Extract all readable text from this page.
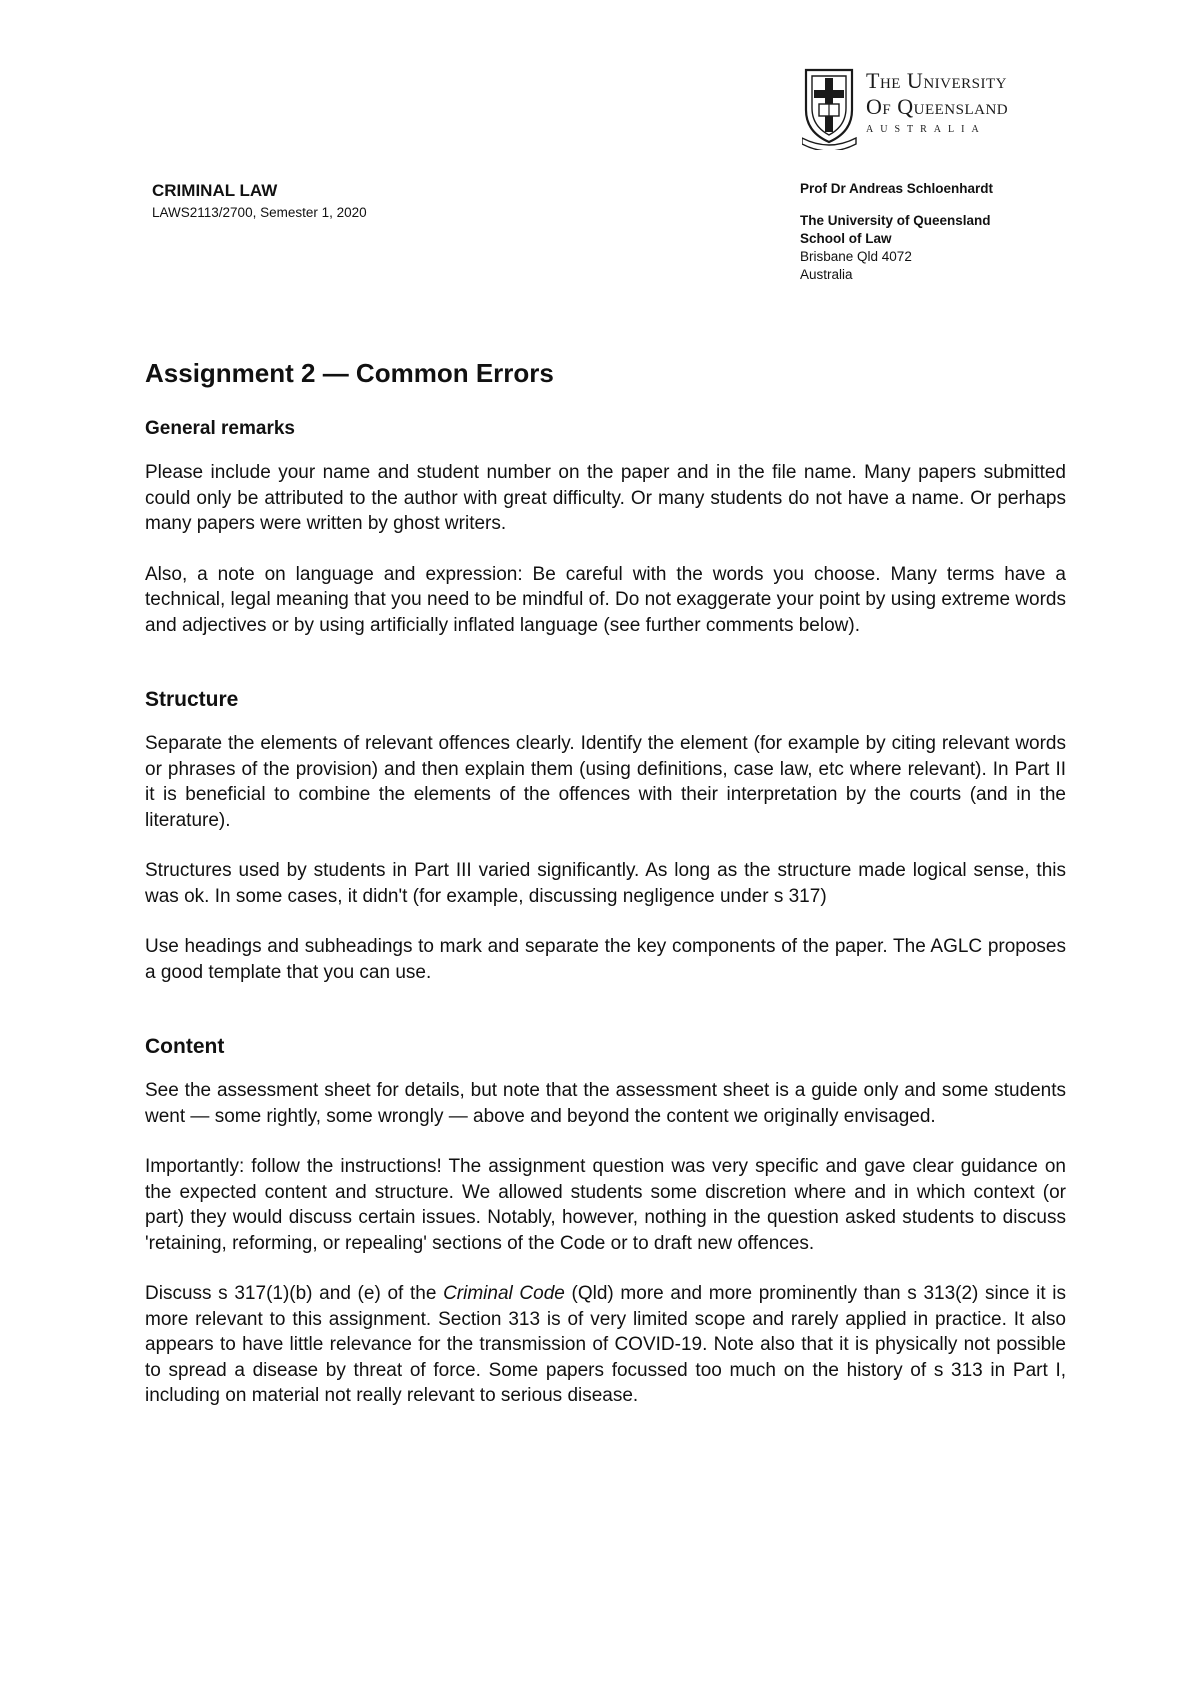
The University
Of Queensland
AUSTRALIA
CRIMINAL LAW
LAWS2113/2700, Semester 1, 2020
Prof Dr Andreas Schloenhardt
The University of Queensland
School of Law
Brisbane Qld 4072
Australia
Assignment 2 — Common Errors
General remarks

Please include your name and student number on the paper and in the file name. Many papers submitted could only be attributed to the author with great difficulty. Or many students do not have a name. Or perhaps many papers were written by ghost writers.

Also, a note on language and expression: Be careful with the words you choose. Many terms have a technical, legal meaning that you need to be mindful of. Do not exaggerate your point by using extreme words and adjectives or by using artificially inflated language (see further comments below).

Structure

Separate the elements of relevant offences clearly. Identify the element (for example by citing relevant words or phrases of the provision) and then explain them (using definitions, case law, etc where relevant). In Part II it is beneficial to combine the elements of the offences with their interpretation by the courts (and in the literature).

Structures used by students in Part III varied significantly. As long as the structure made logical sense, this was ok. In some cases, it didn't (for example, discussing negligence under s 317)

Use headings and subheadings to mark and separate the key components of the paper. The AGLC proposes a good template that you can use.

Content

See the assessment sheet for details, but note that the assessment sheet is a guide only and some students went — some rightly, some wrongly — above and beyond the content we originally envisaged.

Importantly: follow the instructions! The assignment question was very specific and gave clear guidance on the expected content and structure. We allowed students some discretion where and in which context (or part) they would discuss certain issues. Notably, however, nothing in the question asked students to discuss 'retaining, reforming, or repealing' sections of the Code or to draft new offences.

Discuss s 317(1)(b) and (e) of the Criminal Code (Qld) more and more prominently than s 313(2) since it is more relevant to this assignment. Section 313 is of very limited scope and rarely applied in practice. It also appears to have little relevance for the transmission of COVID-19. Note also that it is physically not possible to spread a disease by threat of force. Some papers focussed too much on the history of s 313 in Part I, including on material not really relevant to serious disease.
